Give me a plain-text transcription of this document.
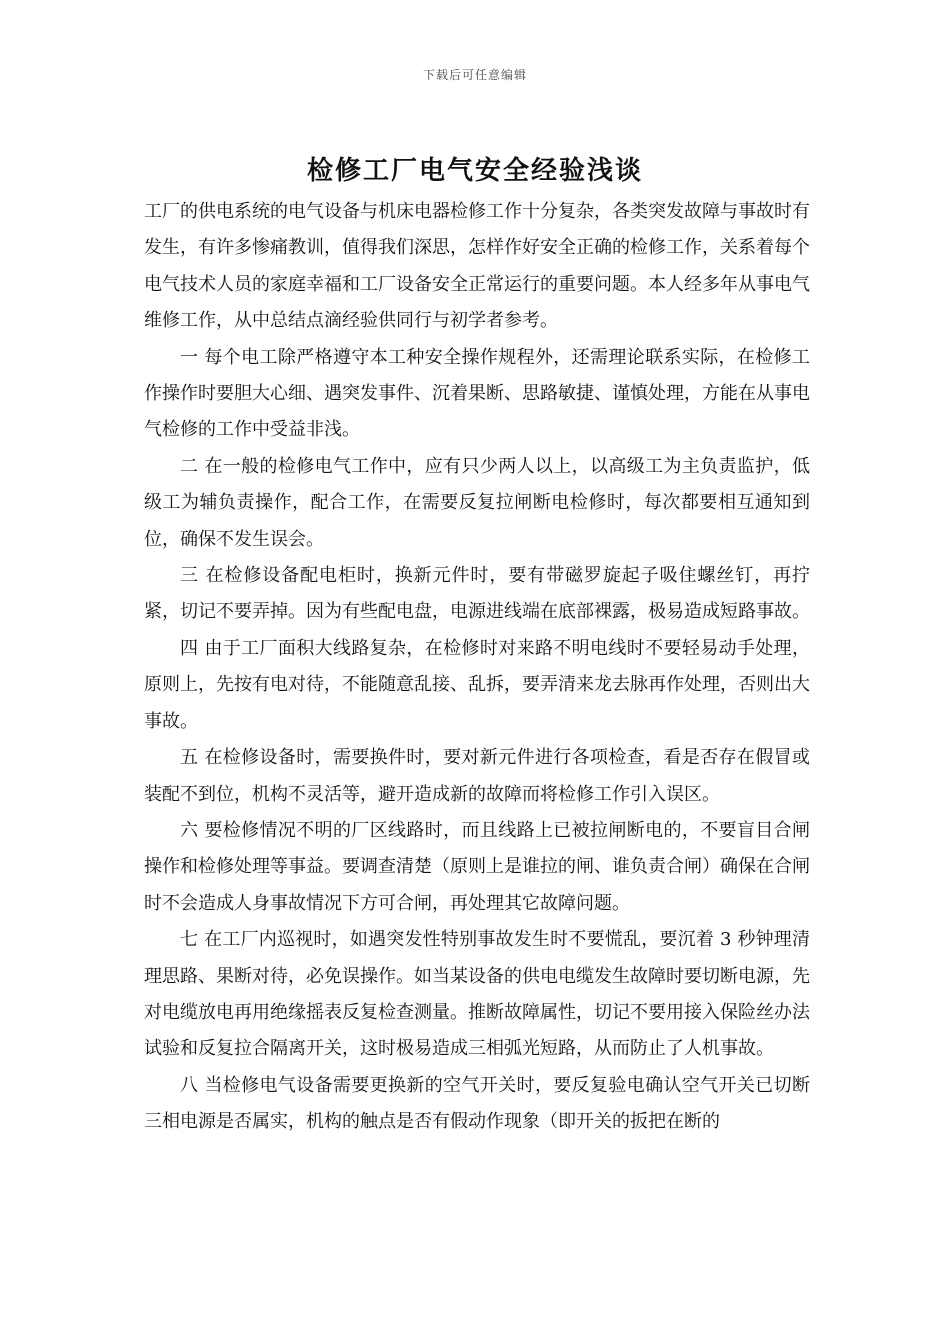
下载后可任意编辑
检修工厂电气安全经验浅谈

工厂的供电系统的电气设备与机床电器检修工作十分复杂，各类突发故障与事故时有发生，有许多惨痛教训，值得我们深思，怎样作好安全正确的检修工作，关系着每个电气技术人员的家庭幸福和工厂设备安全正常运行的重要问题。本人经多年从事电气维修工作，从中总结点滴经验供同行与初学者参考。

一 每个电工除严格遵守本工种安全操作规程外，还需理论联系实际，在检修工作操作时要胆大心细、遇突发事件、沉着果断、思路敏捷、谨慎处理，方能在从事电气检修的工作中受益非浅。

二 在一般的检修电气工作中，应有只少两人以上，以高级工为主负责监护，低级工为辅负责操作，配合工作，在需要反复拉闸断电检修时，每次都要相互通知到位，确保不发生误会。

三 在检修设备配电柜时，换新元件时，要有带磁罗旋起子吸住螺丝钉，再拧紧，切记不要弄掉。因为有些配电盘，电源进线端在底部裸露，极易造成短路事故。

四 由于工厂面积大线路复杂，在检修时对来路不明电线时不要轻易动手处理，原则上，先按有电对待，不能随意乱接、乱拆，要弄清来龙去脉再作处理，否则出大事故。

五 在检修设备时，需要换件时，要对新元件进行各项检查，看是否存在假冒或装配不到位，机构不灵活等，避开造成新的故障而将检修工作引入误区。

六 要检修情况不明的厂区线路时，而且线路上已被拉闸断电的，不要盲目合闸操作和检修处理等事益。要调查清楚（原则上是谁拉的闸、谁负责合闸）确保在合闸时不会造成人身事故情况下方可合闸，再处理其它故障问题。

七 在工厂内巡视时，如遇突发性特别事故发生时不要慌乱，要沉着 3 秒钟理清理思路、果断对待，必免误操作。如当某设备的供电电缆发生故障时要切断电源，先对电缆放电再用绝缘摇表反复检查测量。推断故障属性，切记不要用接入保险丝办法试验和反复拉合隔离开关，这时极易造成三相弧光短路，从而防止了人机事故。

八 当检修电气设备需要更换新的空气开关时，要反复验电确认空气开关已切断三相电源是否属实，机构的触点是否有假动作现象（即开关的扳把在断的
